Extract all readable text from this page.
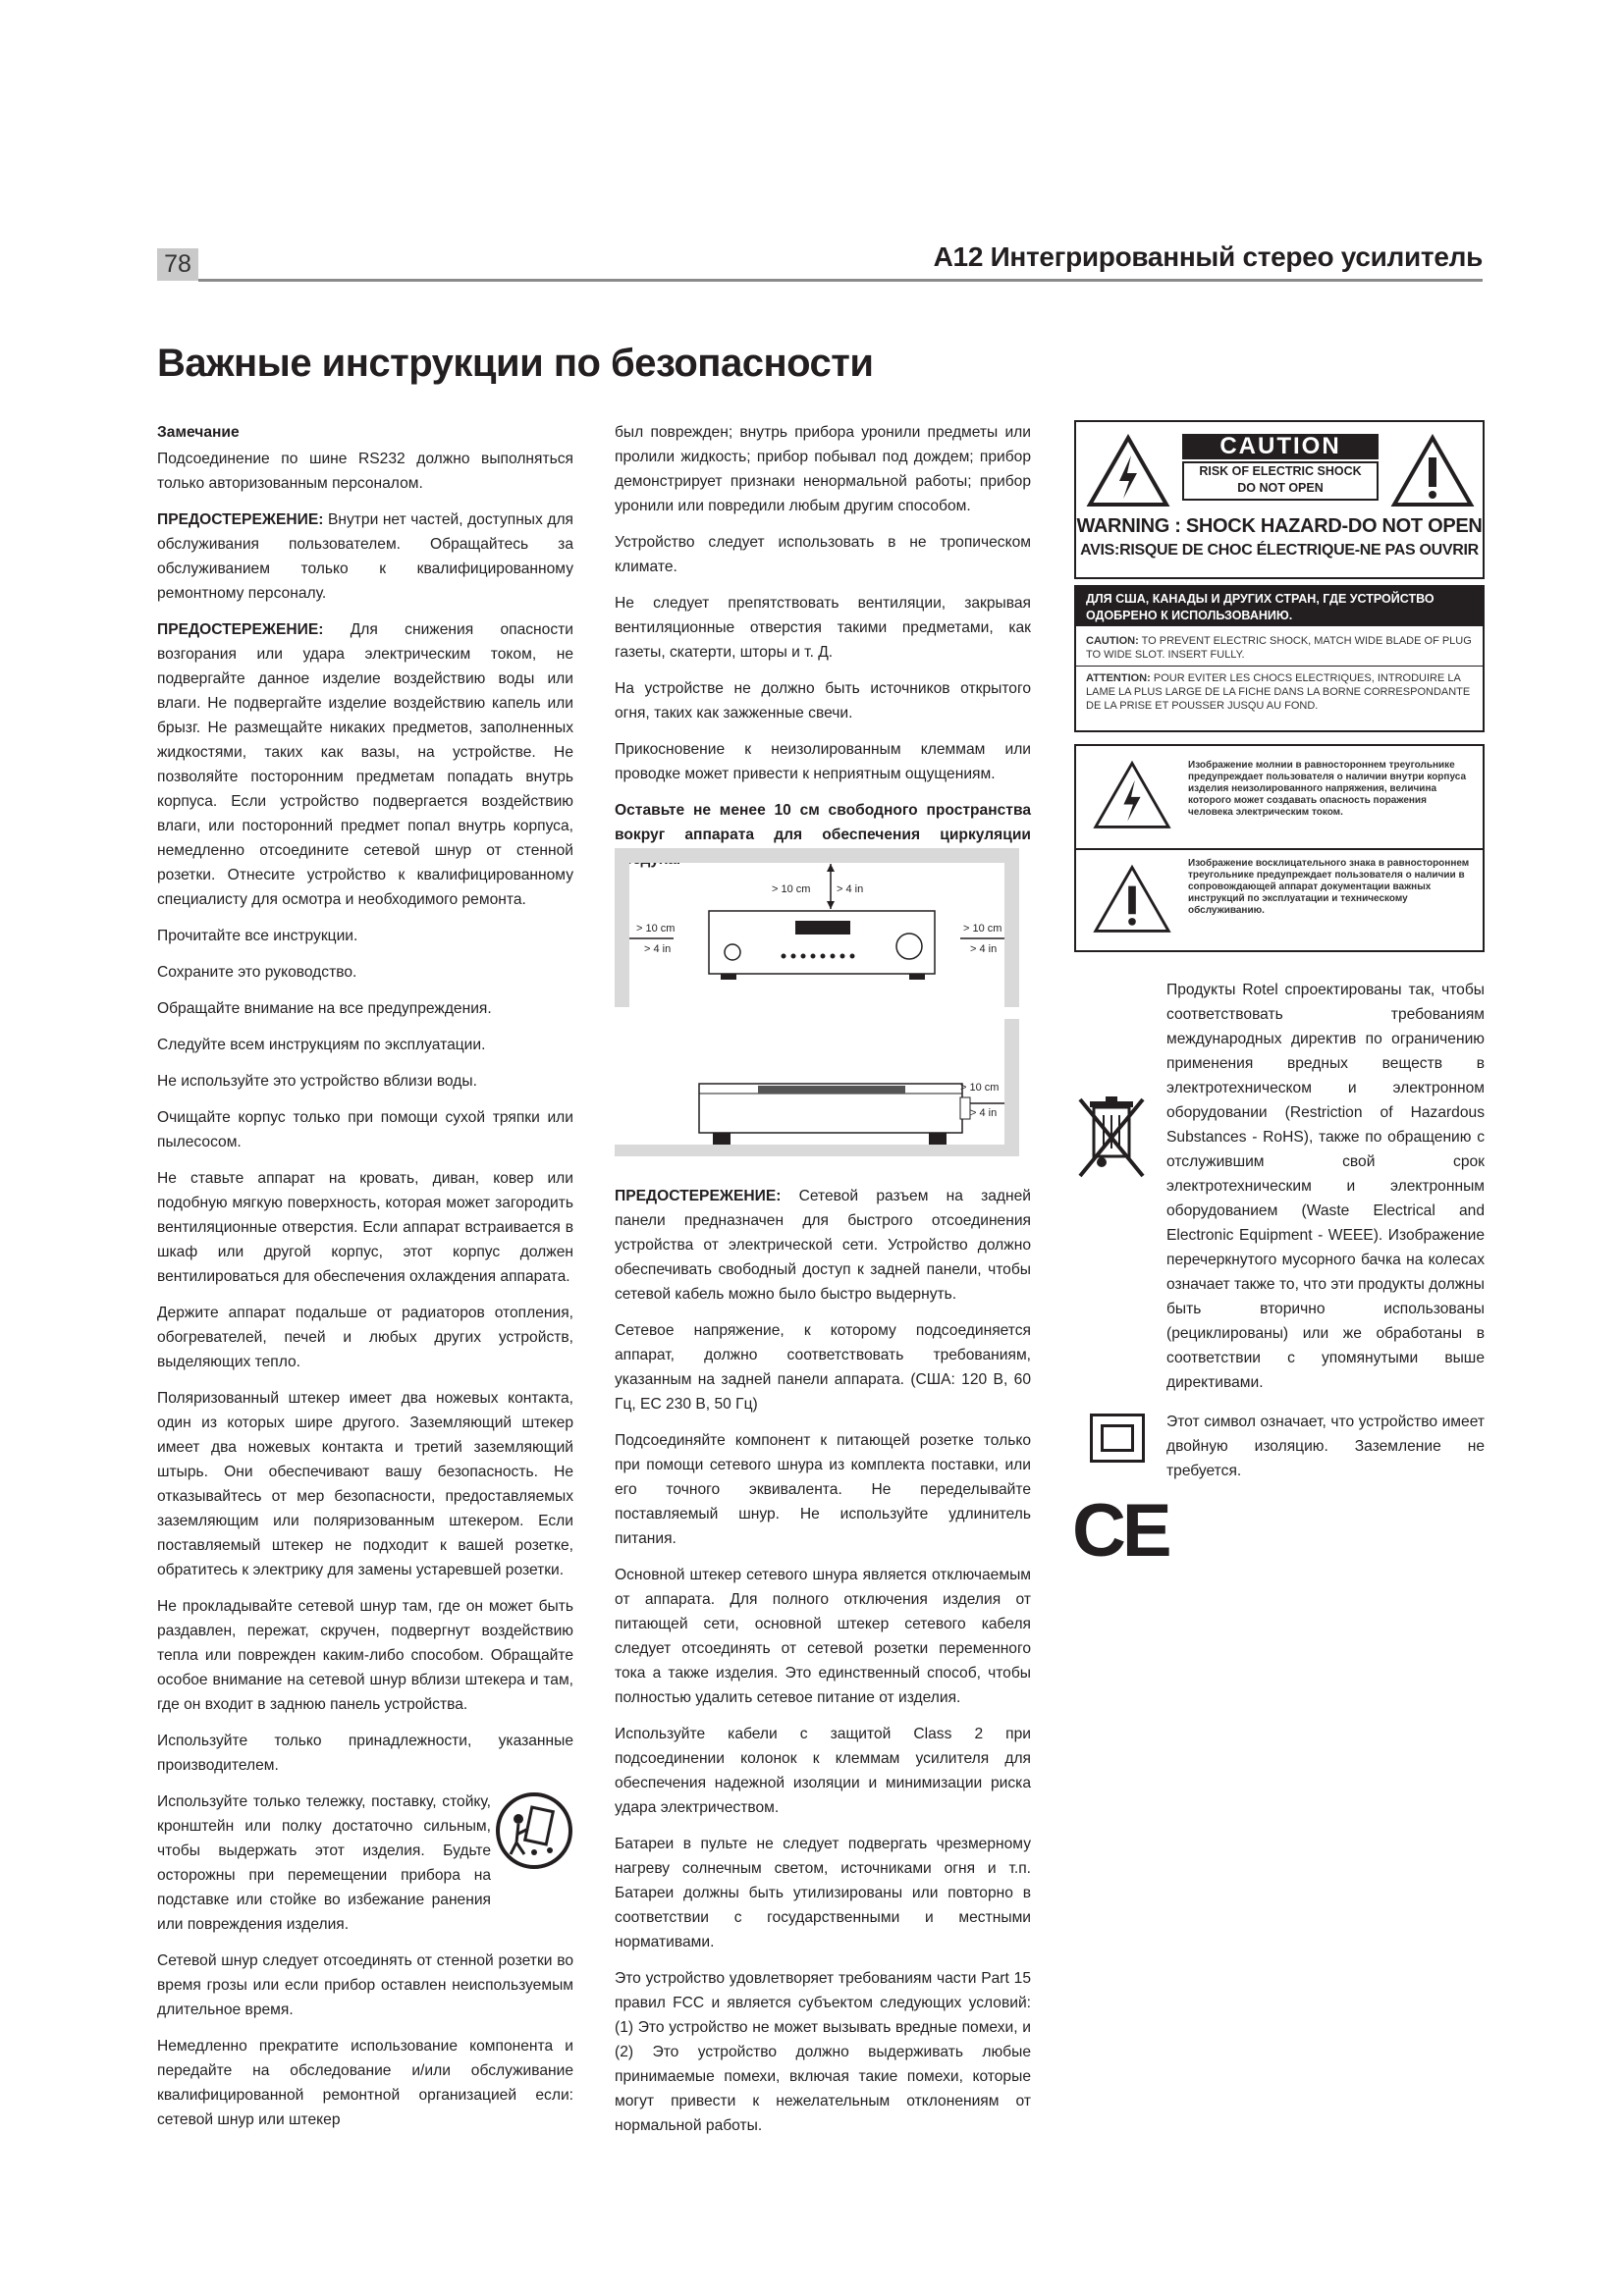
78	A12 Интегрированный стерео усилитель
Важные инструкции по безопасности

Замечание

Подсоединение по шине RS232 должно выполняться только авторизованным персоналом.

ПРЕДОСТЕРЕЖЕНИЕ: Внутри нет частей, доступных для обслуживания пользователем. Обращайтесь за обслуживанием только к квалифицированному ремонтному персоналу.

ПРЕДОСТЕРЕЖЕНИЕ: Для снижения опасности возгорания или удара электрическим током, не подвергайте данное изделие воздействию воды или влаги. Не подвергайте изделие воздействию капель или брызг. Не размещайте никаких предметов, заполненных жидкостями, таких как вазы, на устройстве. Не позволяйте посторонним предметам попадать внутрь корпуса. Если устройство подвергается воздействию влаги, или посторонний предмет попал внутрь корпуса, немедленно отсоедините сетевой шнур от стенной розетки. Отнесите устройство к квалифицированному специалисту для осмотра и необходимого ремонта.

Прочитайте все инструкции.

Сохраните это руководство.

Обращайте внимание на все предупреждения.

Следуйте всем инструкциям по эксплуатации.

Не используйте это устройство вблизи воды.

Очищайте корпус только при помощи сухой тряпки или пылесосом.

Не ставьте аппарат на кровать, диван, ковер или подобную мягкую поверхность, которая может загородить вентиляционные отверстия. Если аппарат встраивается в шкаф или другой корпус, этот корпус должен вентилироваться для обеспечения охлаждения аппарата.

Держите аппарат подальше от радиаторов отопления, обогревателей, печей и любых других устройств, выделяющих тепло.

Поляризованный штекер имеет два ножевых контакта, один из которых шире другого. Заземляющий штекер имеет два ножевых контакта и третий заземляющий штырь. Они обеспечивают вашу безопасность. Не отказывайтесь от мер безопасности, предоставляемых заземляющим или поляризованным штекером. Если поставляемый штекер не подходит к вашей розетке, обратитесь к электрику для замены устаревшей розетки.

Не прокладывайте сетевой шнур там, где он может быть раздавлен, пережат, скручен, подвергнут воздействию тепла или поврежден каким-либо способом. Обращайте особое внимание на сетевой шнур вблизи штекера и там, где он входит в заднюю панель устройства.

Используйте только принадлежности, указанные производителем.

Используйте только тележку, поставку, стойку, кронштейн или полку достаточно сильным, чтобы выдержать этот изделия. Будьте осторожны при перемещении прибора на подставке или стойке во избежание ранения или повреждения изделия.

Сетевой шнур следует отсоединять от стенной розетки во время грозы или если прибор оставлен неиспользуемым длительное время.

Немедленно прекратите использование компонента и передайте на обследование и/или обслуживание квалифицированной ремонтной организацией если: сетевой шнур или штекер

был поврежден; внутрь прибора уронили предметы или пролили жидкость; прибор побывал под дождем; прибор демонстрирует признаки ненормальной работы; прибор уронили или повредили любым другим способом.

Устройство следует использовать в не тропическом климате.

Не следует препятствовать вентиляции, закрывая вентиляционные отверстия такими предметами, как газеты, скатерти, шторы и т. Д.

На устройстве не должно быть источников открытого огня, таких как зажженные свечи.

Прикосновение к неизолированным клеммам или проводке может привести к неприятным ощущениям.

Оставьте не менее 10 см свободного пространства вокруг аппарата для обеспечения циркуляции

> 10 cm > 4 in
> 10 cm
> 4 in
> 10 cm
> 4 in
> 10 cm
> 4 in

ПРЕДОСТЕРЕЖЕНИЕ: Сетевой разъем на задней панели предназначен для быстрого отсоединения устройства от электрической сети. Устройство должно обеспечивать свободный доступ к задней панели, чтобы сетевой кабель можно было быстро выдернуть.

Сетевое напряжение, к которому подсоединяется аппарат, должно соответствовать требованиям, указанным на задней панели аппарата. (США: 120 В, 60 Гц, ЕС 230 В, 50 Гц)

Подсоединяйте компонент к питающей розетке только при помощи сетевого шнура из комплекта поставки, или его точного эквивалента. Не переделывайте поставляемый шнур. Не используйте удлинитель питания.

Основной штекер сетевого шнура является отключаемым от аппарата. Для полного отключения изделия от питающей сети, основной штекер сетевого кабеля следует отсоединять от сетевой розетки переменного тока а также изделия. Это единственный способ, чтобы полностью удалить сетевое питание от изделия.

Используйте кабели с защитой Class 2 при подсоединении колонок к клеммам усилителя для обеспечения надежной изоляции и минимизации риска удара электричеством.

Батареи в пульте не следует подвергать чрезмерному нагреву солнечным светом, источниками огня и т.п. Батареи должны быть утилизированы или повторно в соответствии с государственными и местными нормативами.

Это устройство удовлетворяет требованиям части Part 15 правил FCC и является субъектом следующих условий: (1) Это устройство не может вызывать вредные помехи, и (2) Это устройство должно выдерживать любые принимаемые помехи, включая такие помехи, которые могут привести к нежелательным отклонениям от нормальной работы.

CAUTION
RISK OF ELECTRIC SHOCK
DO NOT OPEN
WARNING : SHOCK HAZARD-DO NOT OPEN
AVIS:RISQUE DE CHOC ÉLECTRIQUE-NE PAS OUVRIR
ДЛЯ США, КАНАДЫ И ДРУГИХ СТРАН, ГДЕ УСТРОЙСТВО ОДОБРЕНО К ИСПОЛЬЗОВАНИЮ.
CAUTION: TO PREVENT ELECTRIC SHOCK, MATCH WIDE BLADE OF PLUG TO WIDE SLOT. INSERT FULLY.
ATTENTION: POUR EVITER LES CHOCS ELECTRIQUES, INTRODUIRE LA LAME LA PLUS LARGE DE LA FICHE DANS LA BORNE CORRESPONDANTE DE LA PRISE ET POUSSER JUSQU AU FOND.
Изображение молнии в равностороннем треугольнике предупреждает пользователя о наличии внутри корпуса изделия неизолированного напряжения, величина которого может создавать опасность поражения человека электрическим током.
Изображение восклицательного знака в равностороннем треугольнике предупреждает пользователя о наличии в сопровождающей аппарат документации важных инструкций по эксплуатации и техническому обслуживанию.

Продукты Rotel спроектированы так, чтобы соответствовать требованиям международных директив по ограничению применения вредных веществ в электротехническом и электронном оборудовании (Restriction of Hazardous Substances - RoHS), также по обращению с отслужившим свой срок электротехническим и электронным оборудованием (Waste Electrical and Electronic Equipment - WEEE). Изображение перечеркнутого мусорного бачка на колесах означает также то, что эти продукты должны быть вторично использованы (рециклированы) или же обработаны в соответствии с упомянутыми выше директивами.

Этот символ означает, что устройство имеет двойную изоляцию. Заземление не требуется.

CE
